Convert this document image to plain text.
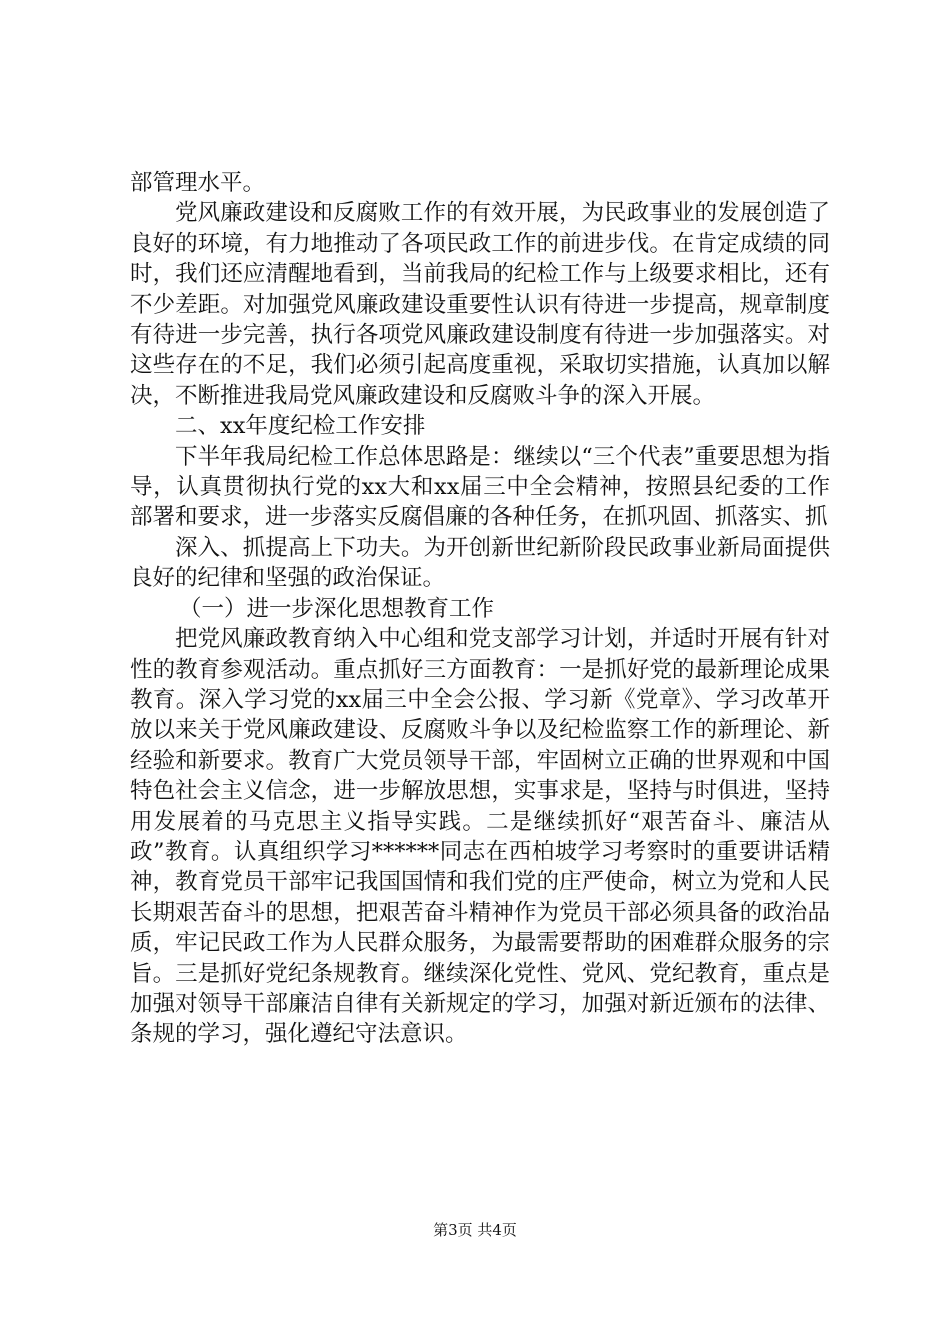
部管理水平。

党风廉政建设和反腐败工作的有效开展，为民政事业的发展创造了良好的环境，有力地推动了各项民政工作的前进步伐。在肯定成绩的同时，我们还应清醒地看到，当前我局的纪检工作与上级要求相比，还有不少差距。对加强党风廉政建设重要性认识有待进一步提高，规章制度有待进一步完善，执行各项党风廉政建设制度有待进一步加强落实。对这些存在的不足，我们必须引起高度重视，采取切实措施，认真加以解决，不断推进我局党风廉政建设和反腐败斗争的深入开展。

二、xx年度纪检工作安排

下半年我局纪检工作总体思路是：继续以“三个代表”重要思想为指导，认真贯彻执行党的xx大和xx届三中全会精神，按照县纪委的工作部署和要求，进一步落实反腐倡廉的各种任务，在抓巩固、抓落实、抓

深入、抓提高上下功夫。为开创新世纪新阶段民政事业新局面提供良好的纪律和坚强的政治保证。

（一）进一步深化思想教育工作

把党风廉政教育纳入中心组和党支部学习计划，并适时开展有针对性的教育参观活动。重点抓好三方面教育：一是抓好党的最新理论成果教育。深入学习党的xx届三中全会公报、学习新《党章》、学习改革开放以来关于党风廉政建设、反腐败斗争以及纪检监察工作的新理论、新经验和新要求。教育广大党员领导干部，牢固树立正确的世界观和中国特色社会主义信念，进一步解放思想，实事求是，坚持与时俱进，坚持用发展着的马克思主义指导实践。二是继续抓好“艰苦奋斗、廉洁从政”教育。认真组织学习******同志在西柏坡学习考察时的重要讲话精神，教育党员干部牢记我国国情和我们党的庄严使命，树立为党和人民长期艰苦奋斗的思想，把艰苦奋斗精神作为党员干部必须具备的政治品质，牢记民政工作为人民群众服务，为最需要帮助的困难群众服务的宗旨。三是抓好党纪条规教育。继续深化党性、党风、党纪教育，重点是加强对领导干部廉洁自律有关新规定的学习，加强对新近颁布的法律、条规的学习，强化遵纪守法意识。

第3页 共4页
